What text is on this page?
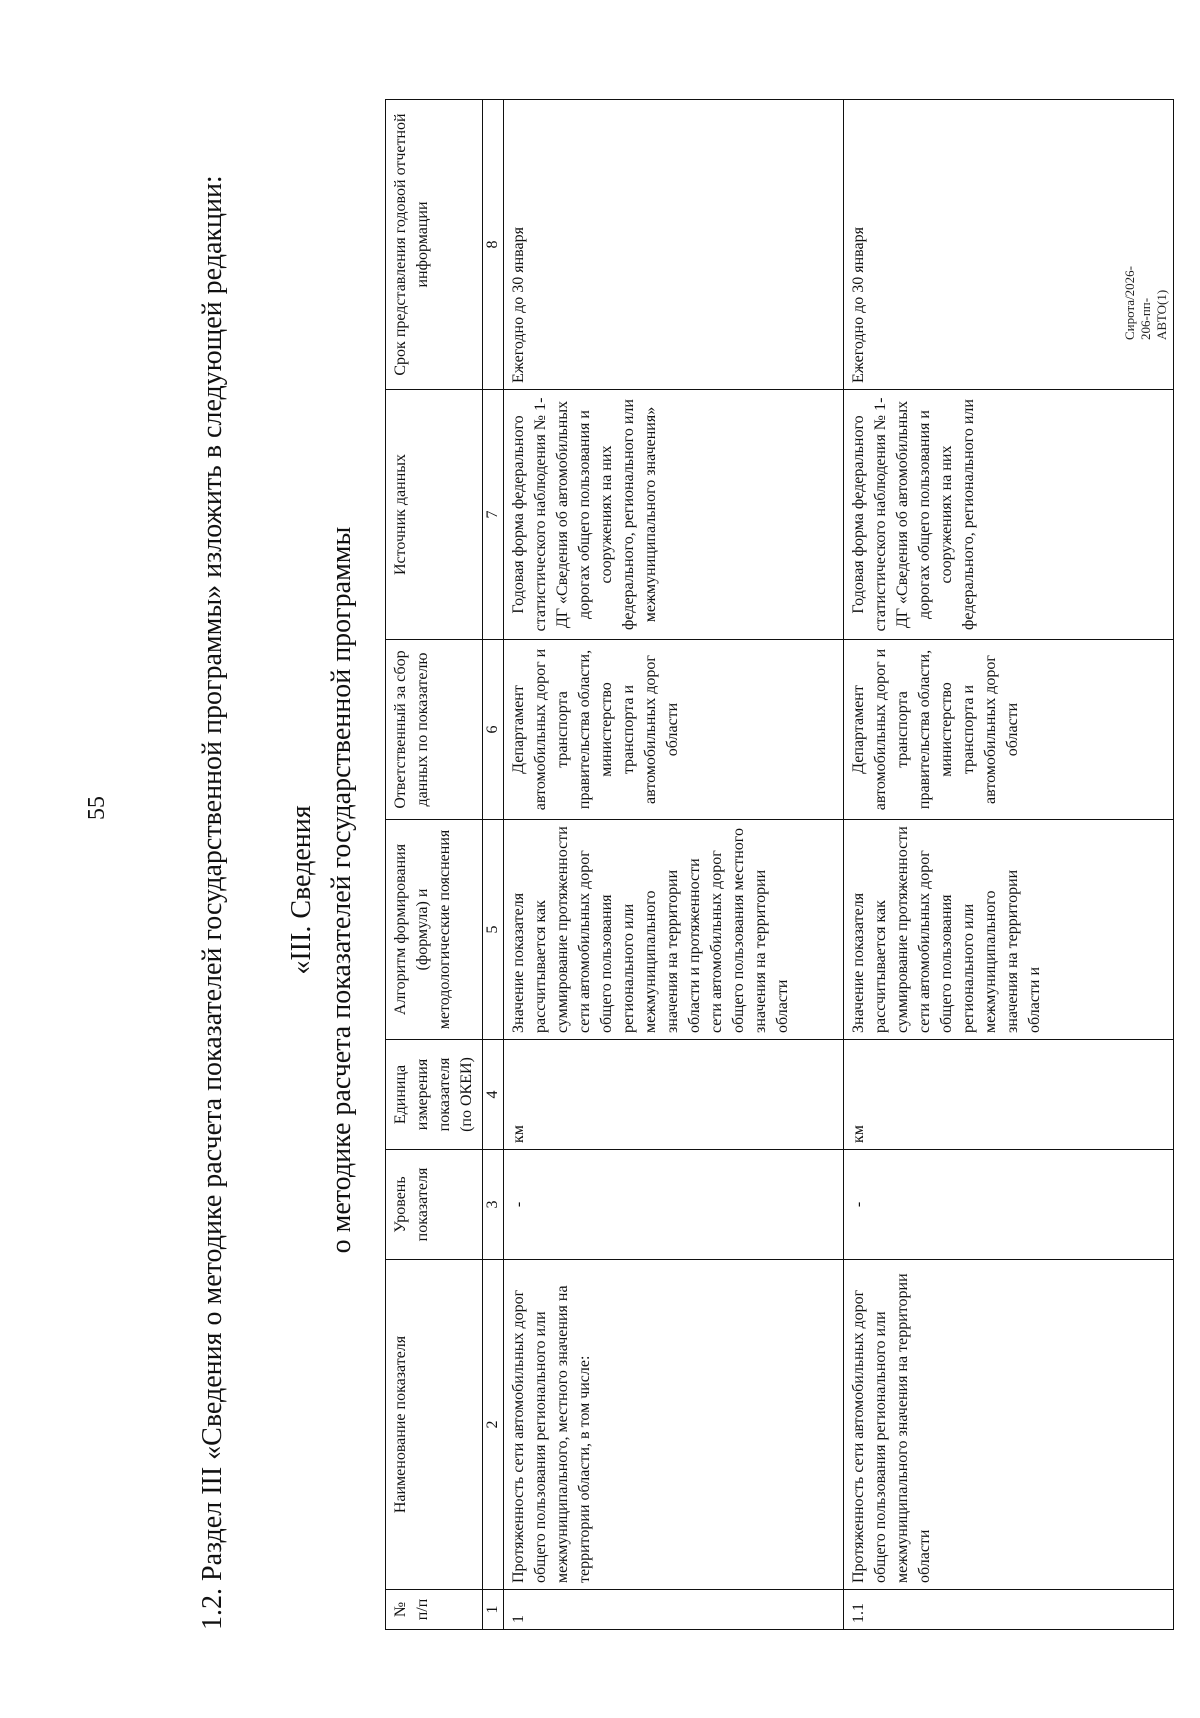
55
Сирота/2026-206-пп-АВТО(1)
1.2. Раздел III «Сведения о методике расчета показателей государственной программы» изложить в следующей редакции: «III. Сведения о методике расчета показателей государственной программы
№ п/п	Наименование показателя	Уровень показателя	Единица измерения показателя (по ОКЕИ)	Алгоритм формирования (формула) и методологические пояснения	Ответственный за сбор данных по показателю	Источник данных	Срок представления годовой отчетной информации
1	2	3	4	5	6	7	8
1	Протяженность сети автомобильных дорог общего пользования регионального или межмуниципального, местного значения на территории области, в том числе:	-	км	Значение показателя рассчитывается как суммирование протяженности сети автомобильных дорог общего пользования регионального или межмуниципального значения на территории области и протяженности сети автомобильных дорог общего пользования местного значения на территории области	Департамент автомобильных дорог и транспорта правительства области, министерство транспорта и автомобильных дорог области	Годовая форма федерального статистического наблюдения № 1-ДГ «Сведения об автомобильных дорогах общего пользования и сооружениях на них федерального, регионального или межмуниципального значения»	Ежегодно до 30 января
1.1	Протяженность сети автомобильных дорог общего пользования регионального или межмуниципального значения на территории области	-	км	Значение показателя рассчитывается как суммирование протяженности сети автомобильных дорог общего пользования регионального или межмуниципального значения на территории области и	Департамент автомобильных дорог и транспорта правительства области, министерство транспорта и автомобильных дорог области	Годовая форма федерального статистического наблюдения № 1-ДГ «Сведения об автомобильных дорогах общего пользования и сооружениях на них федерального, регионального или	Ежегодно до 30 января
